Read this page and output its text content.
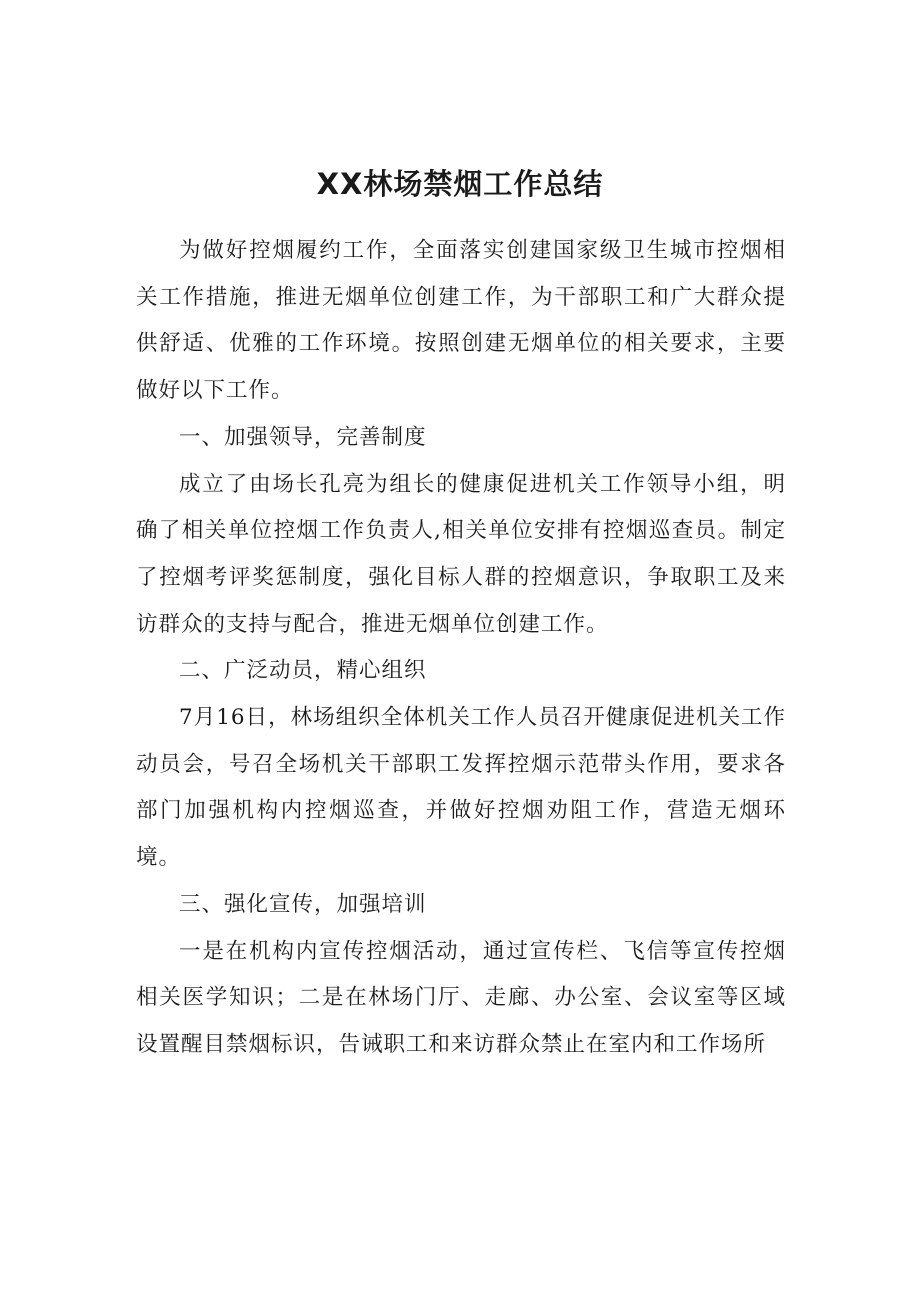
XX林场禁烟工作总结

为做好控烟履约工作，全面落实创建国家级卫生城市控烟相关工作措施，推进无烟单位创建工作，为干部职工和广大群众提供舒适、优雅的工作环境。按照创建无烟单位的相关要求，主要做好以下工作。

一、加强领导，完善制度

成立了由场长孔亮为组长的健康促进机关工作领导小组，明确了相关单位控烟工作负责人,相关单位安排有控烟巡查员。制定了控烟考评奖惩制度，强化目标人群的控烟意识，争取职工及来访群众的支持与配合，推进无烟单位创建工作。

二、广泛动员，精心组织

7月16日，林场组织全体机关工作人员召开健康促进机关工作动员会，号召全场机关干部职工发挥控烟示范带头作用，要求各部门加强机构内控烟巡查，并做好控烟劝阻工作，营造无烟环境。

三、强化宣传，加强培训

一是在机构内宣传控烟活动，通过宣传栏、飞信等宣传控烟相关医学知识；二是在林场门厅、走廊、办公室、会议室等区域设置醒目禁烟标识，告诫职工和来访群众禁止在室内和工作场所
